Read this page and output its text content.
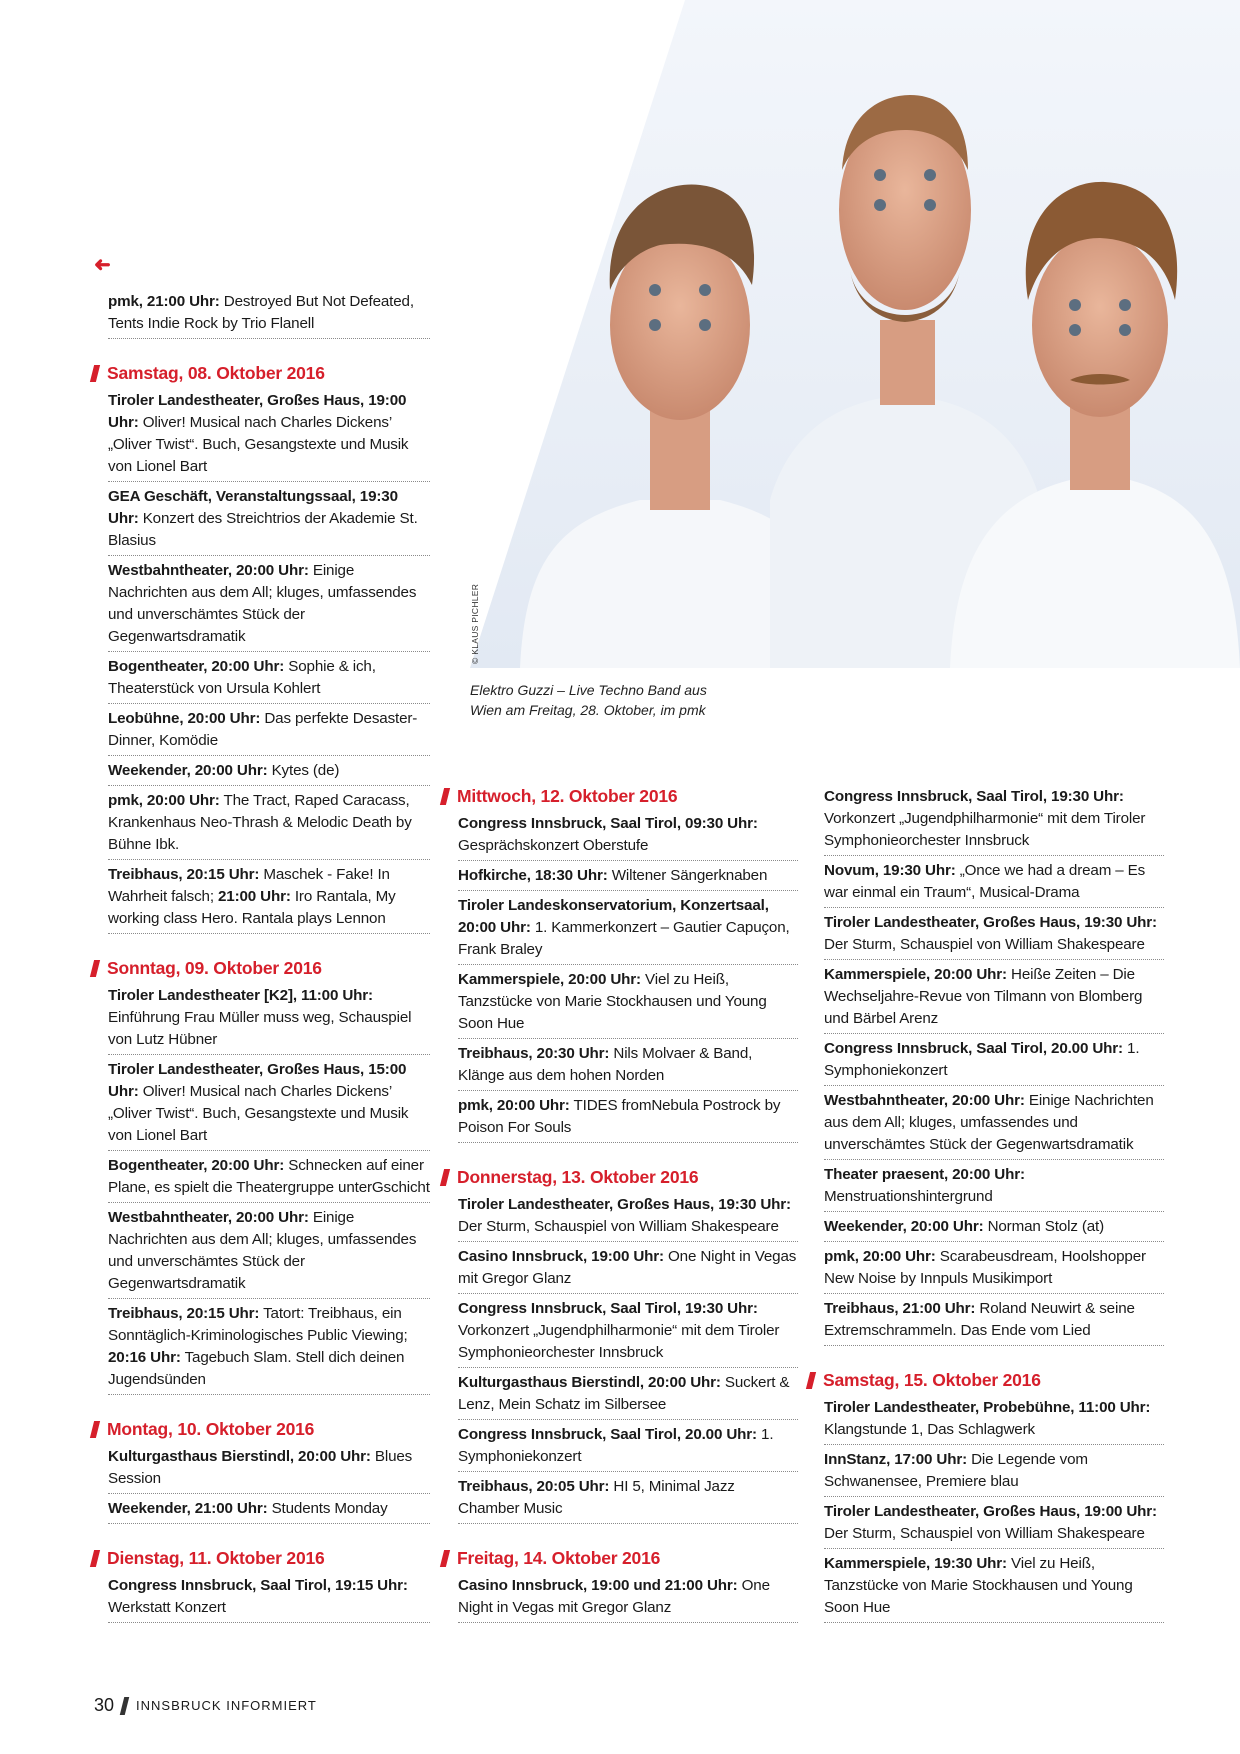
© KLAUS PICHLER
Elektro Guzzi – Live Techno Band aus Wien am Freitag, 28. Oktober, im pmk
➜
pmk, 21:00 Uhr: Destroyed But Not Defeated, Tents Indie Rock by Trio Flanell
Samstag, 08. Oktober 2016
Tiroler Landestheater, Großes Haus, 19:00 Uhr: Oliver! Musical nach Charles Dickens’ „Oliver Twist“. Buch, Gesangstexte und Musik von Lionel Bart
GEA Geschäft, Veranstaltungssaal, 19:30 Uhr: Konzert des Streichtrios der Akademie St. Blasius
Westbahntheater, 20:00 Uhr: Einige Nachrichten aus dem All; kluges, umfassendes und unverschämtes Stück der Gegenwartsdramatik
Bogentheater, 20:00 Uhr: Sophie & ich, Theaterstück von Ursula Kohlert
Leobühne, 20:00 Uhr: Das perfekte Desaster-Dinner, Komödie
Weekender, 20:00 Uhr: Kytes (de)
pmk, 20:00 Uhr: The Tract, Raped Caracass, Krankenhaus Neo-Thrash & Melodic Death by Bühne Ibk.
Treibhaus, 20:15 Uhr: Maschek - Fake! In Wahrheit falsch; 21:00 Uhr: Iro Rantala, My working class Hero. Rantala plays Lennon
Sonntag, 09. Oktober 2016
Tiroler Landestheater [K2], 11:00 Uhr: Einführung Frau Müller muss weg, Schauspiel von Lutz Hübner
Tiroler Landestheater, Großes Haus, 15:00 Uhr: Oliver! Musical nach Charles Dickens’ „Oliver Twist“. Buch, Gesangstexte und Musik von Lionel Bart
Bogentheater, 20:00 Uhr: Schnecken auf einer Plane, es spielt die Theatergruppe unterGschicht
Westbahntheater, 20:00 Uhr: Einige Nachrichten aus dem All; kluges, umfassendes und unverschämtes Stück der Gegenwartsdramatik
Treibhaus, 20:15 Uhr: Tatort: Treibhaus, ein Sonntäglich-Kriminologisches Public Viewing; 20:16 Uhr: Tagebuch Slam. Stell dich deinen Jugendsünden
Montag, 10. Oktober 2016
Kulturgasthaus Bierstindl, 20:00 Uhr: Blues Session
Weekender, 21:00 Uhr: Students Monday
Dienstag, 11. Oktober 2016
Congress Innsbruck, Saal Tirol, 19:15 Uhr: Werkstatt Konzert
Mittwoch, 12. Oktober 2016
Congress Innsbruck, Saal Tirol, 09:30 Uhr: Gesprächskonzert Oberstufe
Hofkirche, 18:30 Uhr: Wiltener Sängerknaben
Tiroler Landeskonservatorium, Konzertsaal, 20:00 Uhr: 1. Kammerkonzert – Gautier Capuçon, Frank Braley
Kammerspiele, 20:00 Uhr: Viel zu Heiß, Tanzstücke von Marie Stockhausen und Young Soon Hue
Treibhaus, 20:30 Uhr: Nils Molvaer & Band, Klänge aus dem hohen Norden
pmk, 20:00 Uhr: TIDES fromNebula Postrock by Poison For Souls
Donnerstag, 13. Oktober 2016
Tiroler Landestheater, Großes Haus, 19:30 Uhr: Der Sturm, Schauspiel von William Shakespeare
Casino Innsbruck, 19:00 Uhr: One Night in Vegas mit Gregor Glanz
Congress Innsbruck, Saal Tirol, 19:30 Uhr: Vorkonzert „Jugendphilharmonie“ mit dem Tiroler Symphonieorchester Innsbruck
Kulturgasthaus Bierstindl, 20:00 Uhr: Suckert & Lenz, Mein Schatz im Silbersee
Congress Innsbruck, Saal Tirol, 20.00 Uhr: 1. Symphoniekonzert
Treibhaus, 20:05 Uhr: HI 5, Minimal Jazz Chamber Music
Freitag, 14. Oktober 2016
Casino Innsbruck, 19:00 und 21:00 Uhr: One Night in Vegas mit Gregor Glanz
Congress Innsbruck, Saal Tirol, 19:30 Uhr: Vorkonzert „Jugendphilharmonie“ mit dem Tiroler Symphonieorchester Innsbruck
Novum, 19:30 Uhr: „Once we had a dream – Es war einmal ein Traum“, Musical-Drama
Tiroler Landestheater, Großes Haus, 19:30 Uhr: Der Sturm, Schauspiel von William Shakespeare
Kammerspiele, 20:00 Uhr: Heiße Zeiten – Die Wechseljahre-Revue von Tilmann von Blomberg und Bärbel Arenz
Congress Innsbruck, Saal Tirol, 20.00 Uhr: 1. Symphoniekonzert
Westbahntheater, 20:00 Uhr: Einige Nachrichten aus dem All; kluges, umfassendes und unverschämtes Stück der Gegenwartsdramatik
Theater praesent, 20:00 Uhr: Menstruationshintergrund
Weekender, 20:00 Uhr: Norman Stolz (at)
pmk, 20:00 Uhr: Scarabeusdream, Hoolshopper New Noise by Innpuls Musikimport
Treibhaus, 21:00 Uhr: Roland Neuwirt & seine Extremschrammeln. Das Ende vom Lied
Samstag, 15. Oktober 2016
Tiroler Landestheater, Probebühne, 11:00 Uhr: Klangstunde 1, Das Schlagwerk
InnStanz, 17:00 Uhr: Die Legende vom Schwanensee, Premiere blau
Tiroler Landestheater, Großes Haus, 19:00 Uhr: Der Sturm, Schauspiel von William Shakespeare
Kammerspiele, 19:30 Uhr: Viel zu Heiß, Tanzstücke von Marie Stockhausen und Young Soon Hue
30 INNSBRUCK INFORMIERT
